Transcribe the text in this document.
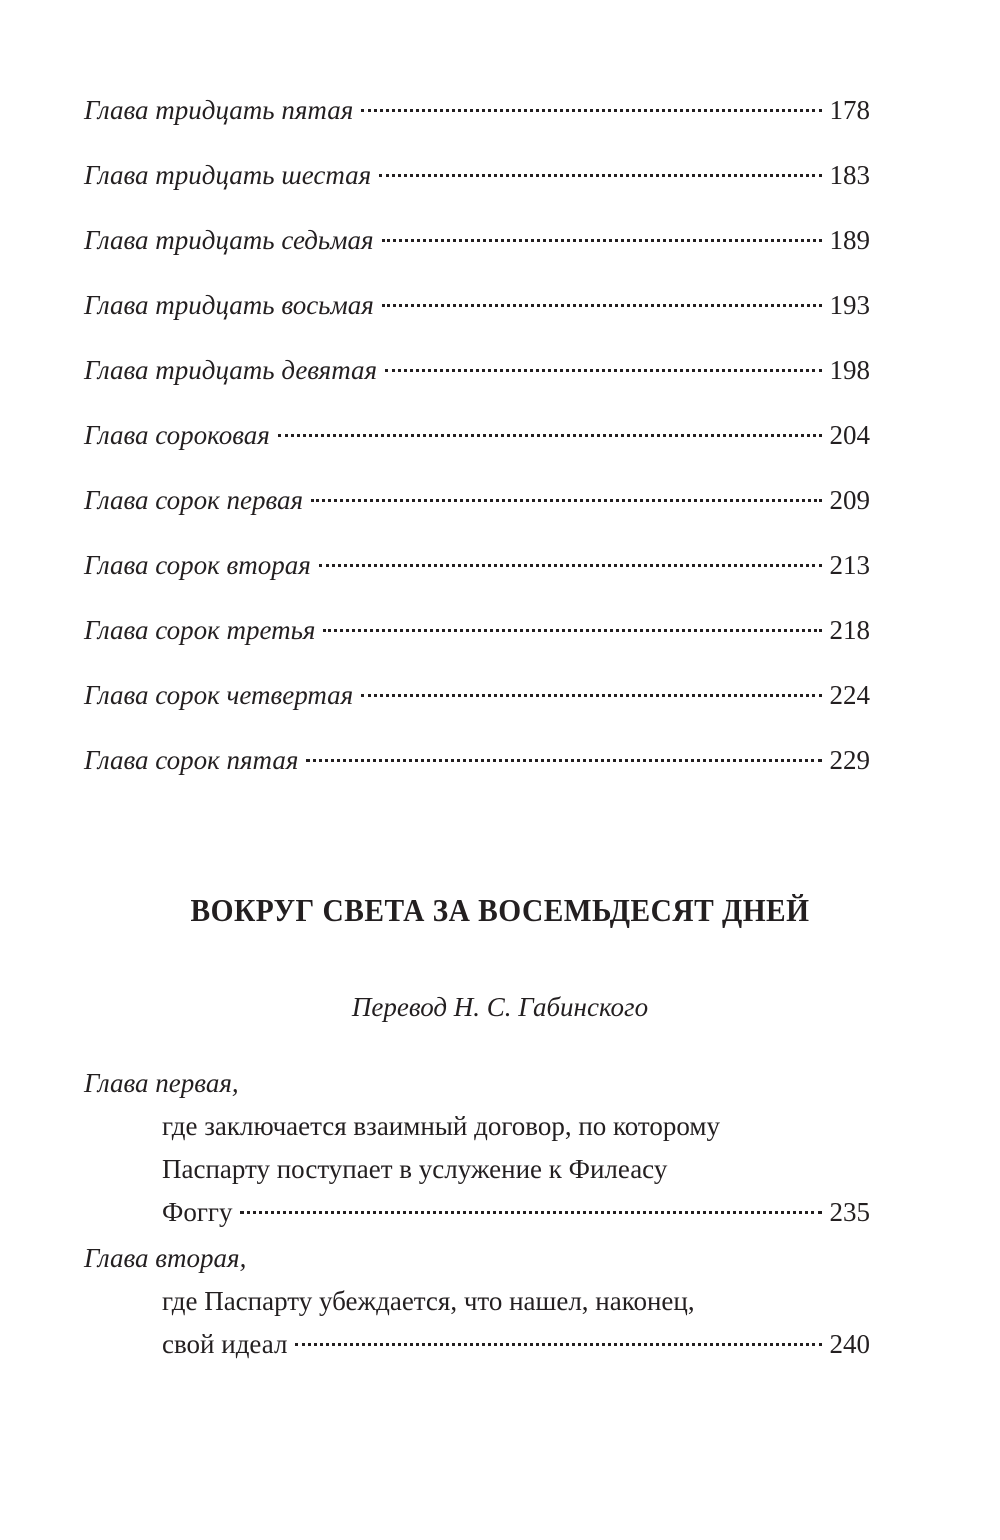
Глава тридцать пятая	178
Глава тридцать шестая	183
Глава тридцать седьмая	189
Глава тридцать восьмая	193
Глава тридцать девятая	198
Глава сороковая	204
Глава сорок первая	209
Глава сорок вторая	213
Глава сорок третья	218
Глава сорок четвертая	224
Глава сорок пятая	229
ВОКРУГ СВЕТА ЗА ВОСЕМЬДЕСЯТ ДНЕЙ
Перевод Н. С. Габинского
Глава первая,
где заключается взаимный договор, по которому
Паспарту поступает в услужение к Филеасу
Фоггу	235
Глава вторая,
где Паспарту убеждается, что нашел, наконец,
свой идеал	240
